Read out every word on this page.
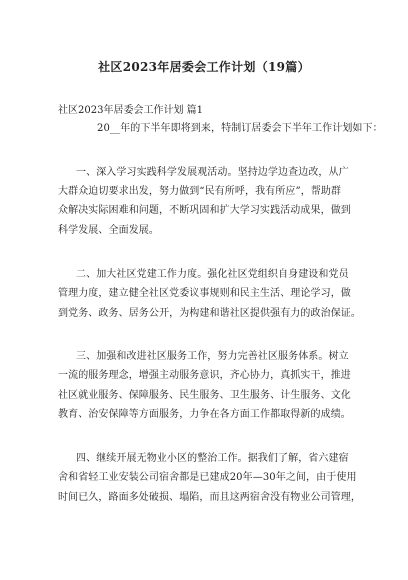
社区2023年居委会工作计划（19篇）
社区2023年居委会工作计划 篇1
20__年的下半年即将到来，特制订居委会下半年工作计划如下：
一、深入学习实践科学发展观活动。坚持边学边查边改，从广
大群众迫切要求出发，努力做到“民有所呼，我有所应”，帮助群
众解决实际困难和问题，不断巩固和扩大学习实践活动成果，做到
科学发展、全面发展。
二、加大社区党建工作力度。强化社区党组织自身建设和党员
管理力度，建立健全社区党委议事规则和民主生活、理论学习，做
到党务、政务、居务公开，为构建和谐社区提供强有力的政治保证。
三、加强和改进社区服务工作，努力完善社区服务体系。树立
一流的服务理念，增强主动服务意识，齐心协力，真抓实干，推进
社区就业服务、保障服务、民生服务、卫生服务、计生服务、文化
教育、治安保障等方面服务，力争在各方面工作都取得新的成绩。
四、继续开展无物业小区的整治工作。据我们了解，省六建宿
舍和省轻工业安装公司宿舍都是已建成20年—30年之间，由于使用
时间已久，路面多处破损、塌陷，而且这两宿舍没有物业公司管理，
